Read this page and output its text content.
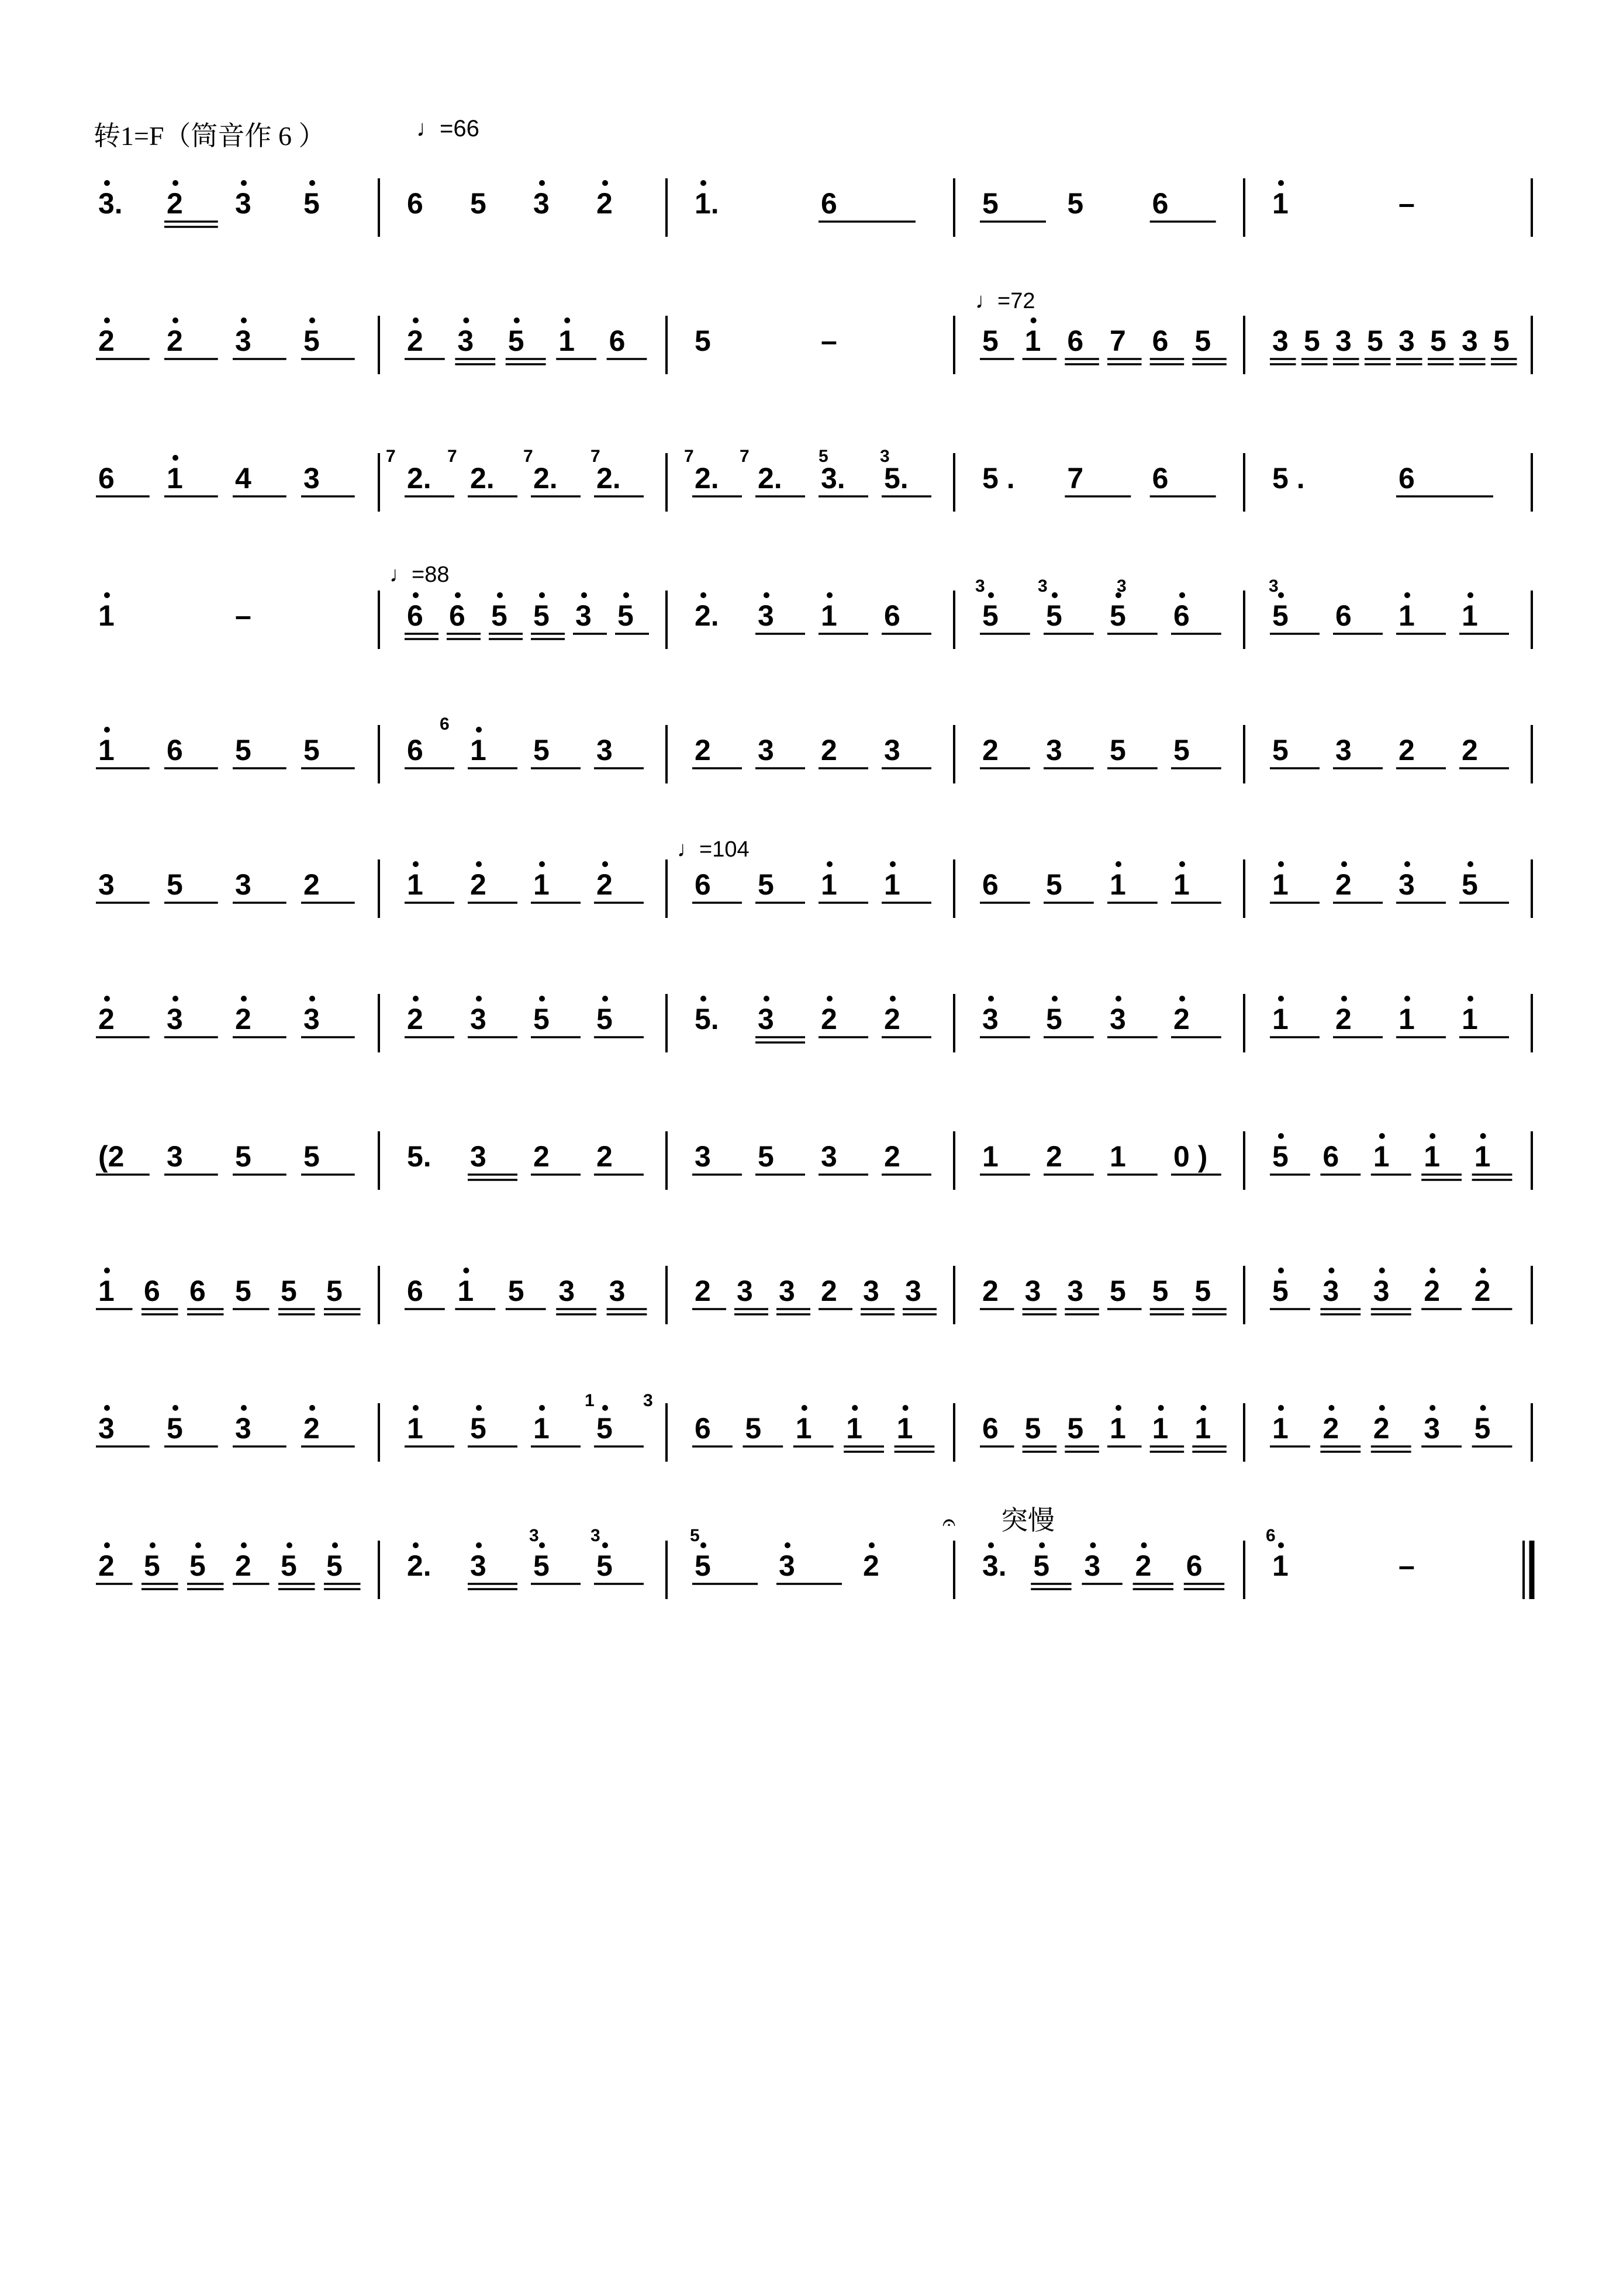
转1=F（筒音作 6 ）	♩=66
3. 2 3 5	6 5 3 2	1.	6	5 5 6	1	–
2 2 3 5	2 3 5 1 6 5	–	5 1 6 7 6 5 3 5 3 5 3 5 3 5
6 1 4 3	2. 2. 2. 2.	2. 2. 3. 5.	5 . 7 6	5 .	6
1	–	6 6 5 5 3 5 2. 3 1 6	5 5 5 6	5 6 1 1
1 6 5 5	6 1 5 3	2 3 2 3	2 3 5 5	5 3 2 2
3 5 3 2	1 2 1 2	6 5 1 1	6 5 1 1	1 2 3 5
2 3 2 3	2 3 5 5	5. 3 2 2	3 5 3 2	1 2 1 1
(2 3 5 5	5. 3 2 2	3 5 3 2	1 2 1 0 ) 5 6 1 1 1
1 6 6 5 5 5 6 1 5 3 3 2 3 3 2 3 3 2 3 3 5 5 5 5 3 3 2 2
3 5 3 2	1 5 1 5	6 5 1 1 1 6 5 5 1 1 1 1 2 2 3 5
2 5 5 2 5 5 2. 3 5 5	5 3 2	3. 5 3 2 6 1	–
7	7	7	7	7	7	5	3
3	3	3	3
6
1	3
3	3	5	6
♩=72
♩=88
♩=104
突慢
𝄐
